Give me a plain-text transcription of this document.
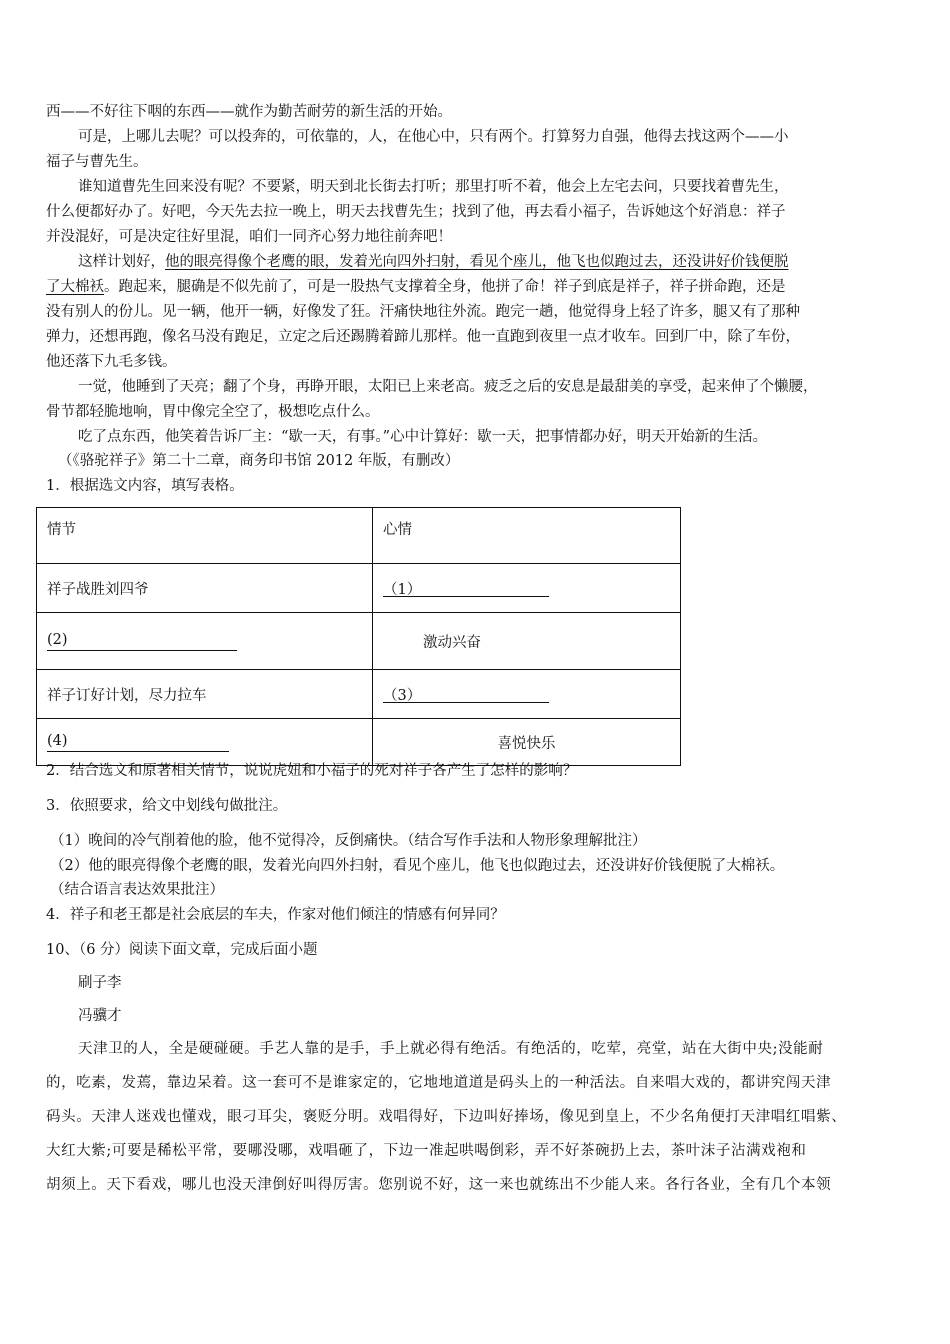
西——不好往下咽的东西——就作为勤苦耐劳的新生活的开始。
可是，上哪儿去呢？可以投奔的，可依靠的，人，在他心中，只有两个。打算努力自强，他得去找这两个——小
福子与曹先生。
谁知道曹先生回来没有呢？不要紧，明天到北长街去打听；那里打听不着，他会上左宅去问，只要找着曹先生，
什么便都好办了。好吧，今天先去拉一晚上，明天去找曹先生；找到了他，再去看小福子，告诉她这个好消息：祥子
并没混好，可是决定往好里混，咱们一同齐心努力地往前奔吧！
这样计划好，他的眼亮得像个老鹰的眼，发着光向四外扫射，看见个座儿，他飞也似跑过去，还没讲好价钱便脱
了大棉袄。跑起来，腿确是不似先前了，可是一股热气支撑着全身，他拼了命！祥子到底是祥子，祥子拼命跑，还是
没有别人的份儿。见一辆，他开一辆，好像发了狂。汗痛快地往外流。跑完一趟，他觉得身上轻了许多，腿又有了那种
弹力，还想再跑，像名马没有跑足，立定之后还踢腾着蹄儿那样。他一直跑到夜里一点才收车。回到厂中，除了车份，
他还落下九毛多钱。
一觉，他睡到了天亮；翻了个身，再睁开眼，太阳已上来老高。疲乏之后的安息是最甜美的享受，起来伸了个懒腰，
骨节都轻脆地响，胃中像完全空了，极想吃点什么。
吃了点东西，他笑着告诉厂主：“歇一天，有事。”心中计算好：歇一天，把事情都办好，明天开始新的生活。
（《骆驼祥子》第二十二章，商务印书馆 2012 年版，有删改）
1．根据选文内容，填写表格。
情节	心情
祥子战胜刘四爷	（1）
(2)	激动兴奋
祥子订好计划，尽力拉车	（3）
(4)	喜悦快乐
2．结合选文和原著相关情节，说说虎妞和小福子的死对祥子各产生了怎样的影响？
3．依照要求，给文中划线句做批注。
（1）晚间的冷气削着他的脸，他不觉得冷，反倒痛快。（结合写作手法和人物形象理解批注）
（2）他的眼亮得像个老鹰的眼，发着光向四外扫射，看见个座儿，他飞也似跑过去，还没讲好价钱便脱了大棉袄。
（结合语言表达效果批注）
4．祥子和老王都是社会底层的车夫，作家对他们倾注的情感有何异同？
10、（6 分）阅读下面文章，完成后面小题
刷子李
冯骥才
天津卫的人，全是硬碰硬。手艺人靠的是手，手上就必得有绝活。有绝活的，吃荤，亮堂，站在大街中央;没能耐
的，吃素，发蔫，靠边呆着。这一套可不是谁家定的，它地地道道是码头上的一种活法。自来唱大戏的，都讲究闯天津
码头。天津人迷戏也懂戏，眼刁耳尖，褒贬分明。戏唱得好，下边叫好捧场，像见到皇上，不少名角便打天津唱红唱紫、
大红大紫;可要是稀松平常，要哪没哪，戏唱砸了，下边一准起哄喝倒彩，弄不好茶碗扔上去，茶叶沫子沾满戏袍和
胡须上。天下看戏，哪儿也没天津倒好叫得厉害。您别说不好，这一来也就练出不少能人来。各行各业，全有几个本领
